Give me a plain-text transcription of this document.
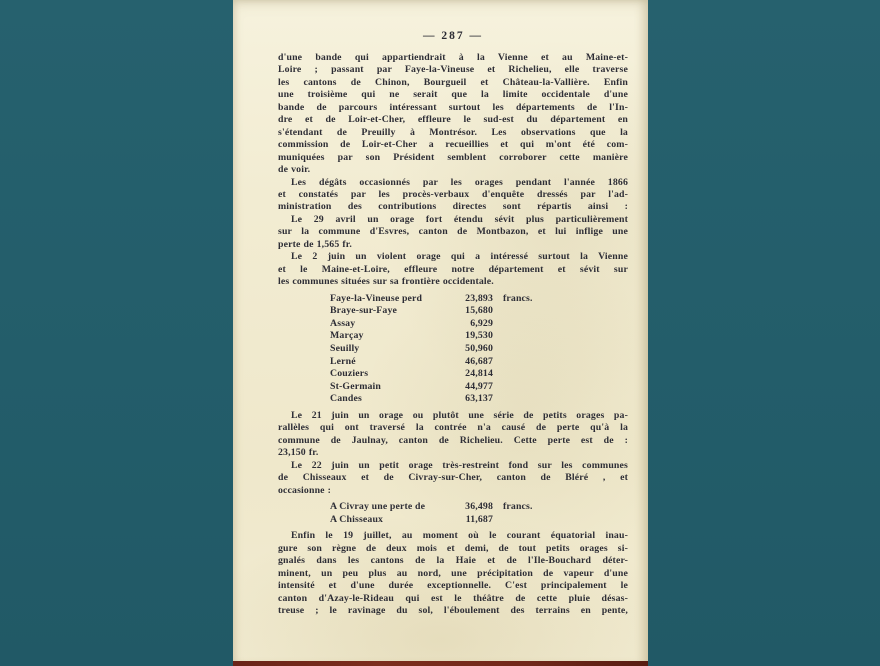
— 287 —
d'une bande qui appartiendrait à la Vienne et au Maine-et-
Loire ; passant par Faye-la-Vineuse et Richelieu, elle traverse
les cantons de Chinon, Bourgueil et Château-la-Vallière. Enfin
une troisième qui ne serait que la limite occidentale d'une
bande de parcours intéressant surtout les départements de l'In-
dre et de Loir-et-Cher, effleure le sud-est du département en
s'étendant de Preuilly à Montrésor. Les observations que la
commission de Loir-et-Cher a recueillies et qui m'ont été com-
muniquées par son Président semblent corroborer cette manière
de voir.
Les dégâts occasionnés par les orages pendant l'année 1866
et constatés par les procès-verbaux d'enquête dressés par l'ad-
ministration des contributions directes sont répartis ainsi :
Le 29 avril un orage fort étendu sévit plus particulièrement
sur la commune d'Esvres, canton de Montbazon, et lui inflige une
perte de 1,565 fr.
Le 2 juin un violent orage qui a intéressé surtout la Vienne
et le Maine-et-Loire, effleure notre département et sévit sur
les communes situées sur sa frontière occidentale.
Faye-la-Vineuse perd	23,893 francs.
Braye-sur-Faye	15,680
Assay	6,929
Marçay	19,530
Seuilly	50,960
Lerné	46,687
Couziers	24,814
St-Germain	44,977
Candes	63,137
Le 21 juin un orage ou plutôt une série de petits orages pa-
rallèles qui ont traversé la contrée n'a causé de perte qu'à la
commune de Jaulnay, canton de Richelieu. Cette perte est de :
23,150 fr.
Le 22 juin un petit orage très-restreint fond sur les communes
de Chisseaux et de Civray-sur-Cher, canton de Bléré , et
occasionne :
A Civray une perte de	36,498 francs.
A Chisseaux	11,687
Enfin le 19 juillet, au moment où le courant équatorial inau-
gure son règne de deux mois et demi, de tout petits orages si-
gnalés dans les cantons de la Haie et de l'Ile-Bouchard déter-
minent, un peu plus au nord, une précipitation de vapeur d'une
intensité et d'une durée exceptionnelle. C'est principalement le
canton d'Azay-le-Rideau qui est le théâtre de cette pluie désas-
treuse ; le ravinage du sol, l'éboulement des terrains en pente,
